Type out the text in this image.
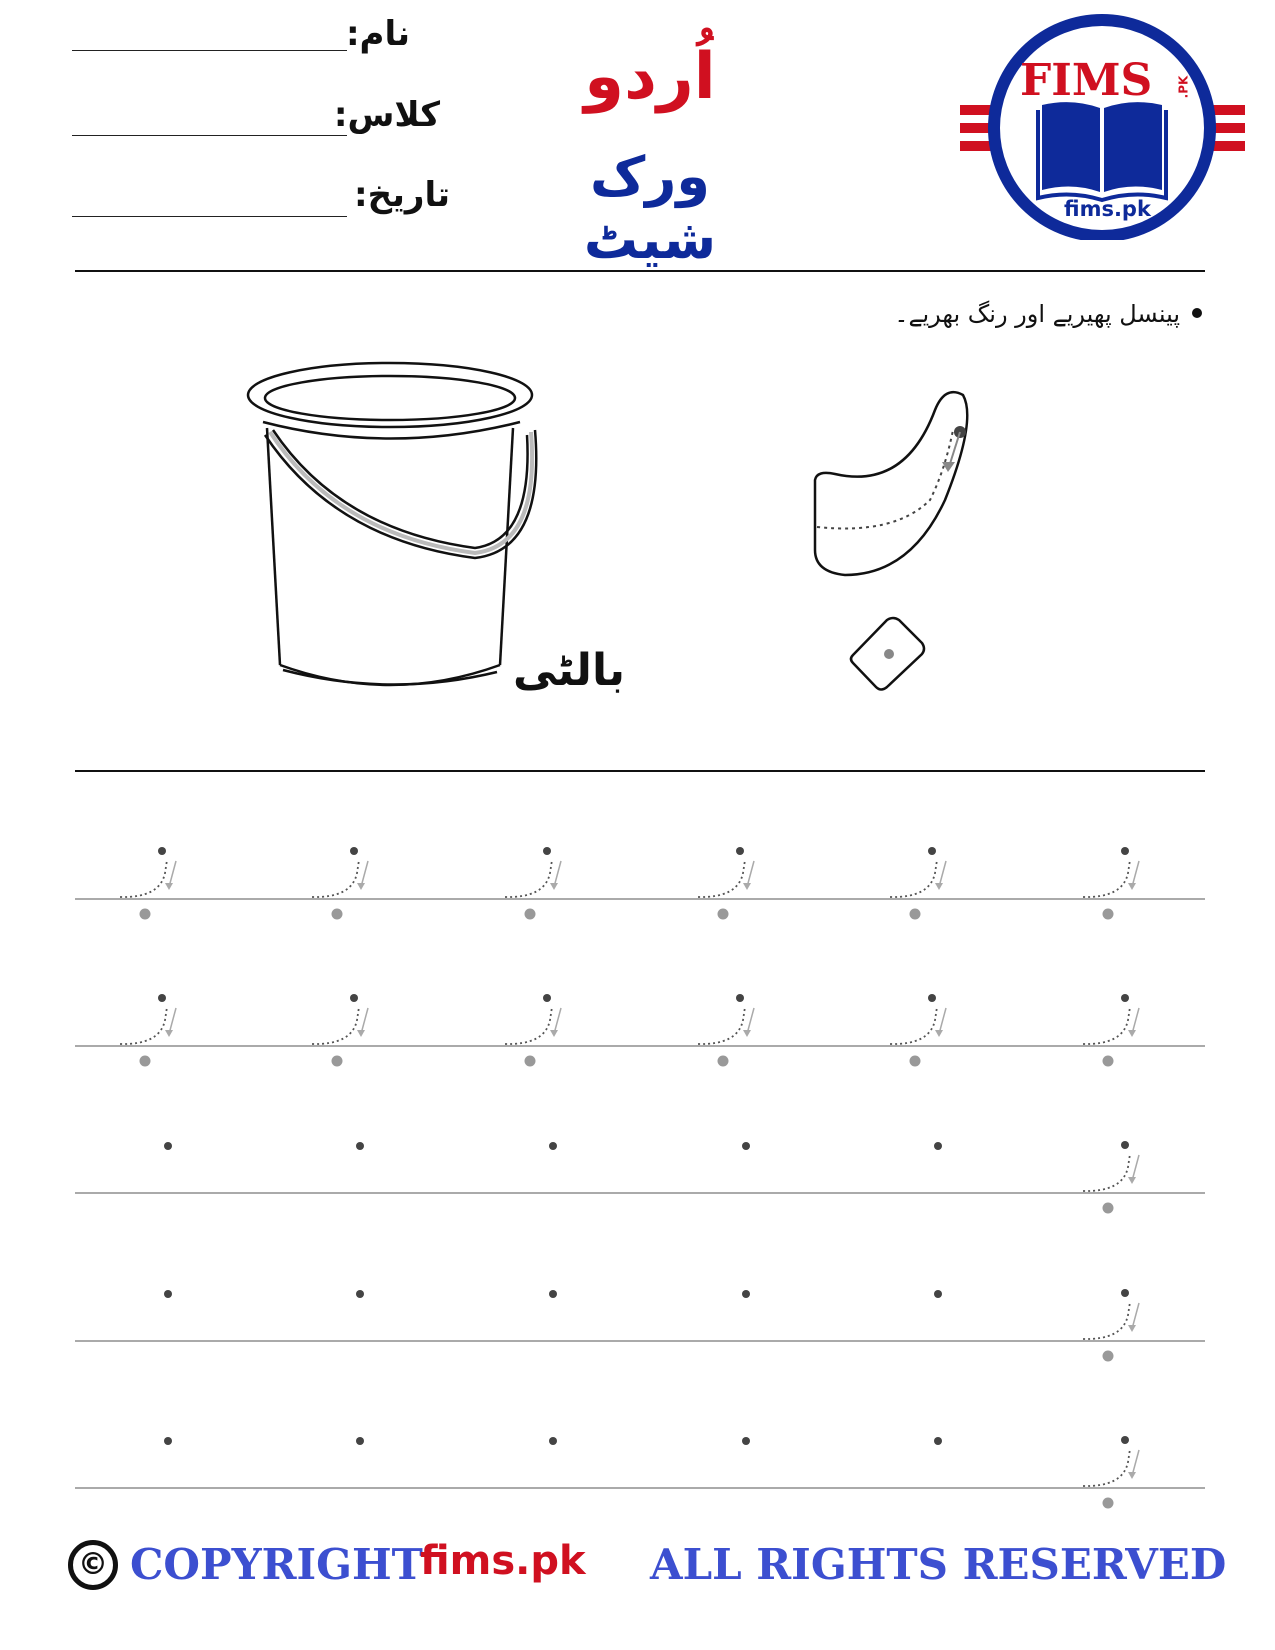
نام:
کلاس:
تاریخ:
اُردو
ورک شیٹ
FIMS .PK
fims.pk
پینسل پھیریے اور رنگ بھریے۔
بالٹی
© COPYRIGHT
fims.pk ALL RIGHTS RESERVED
